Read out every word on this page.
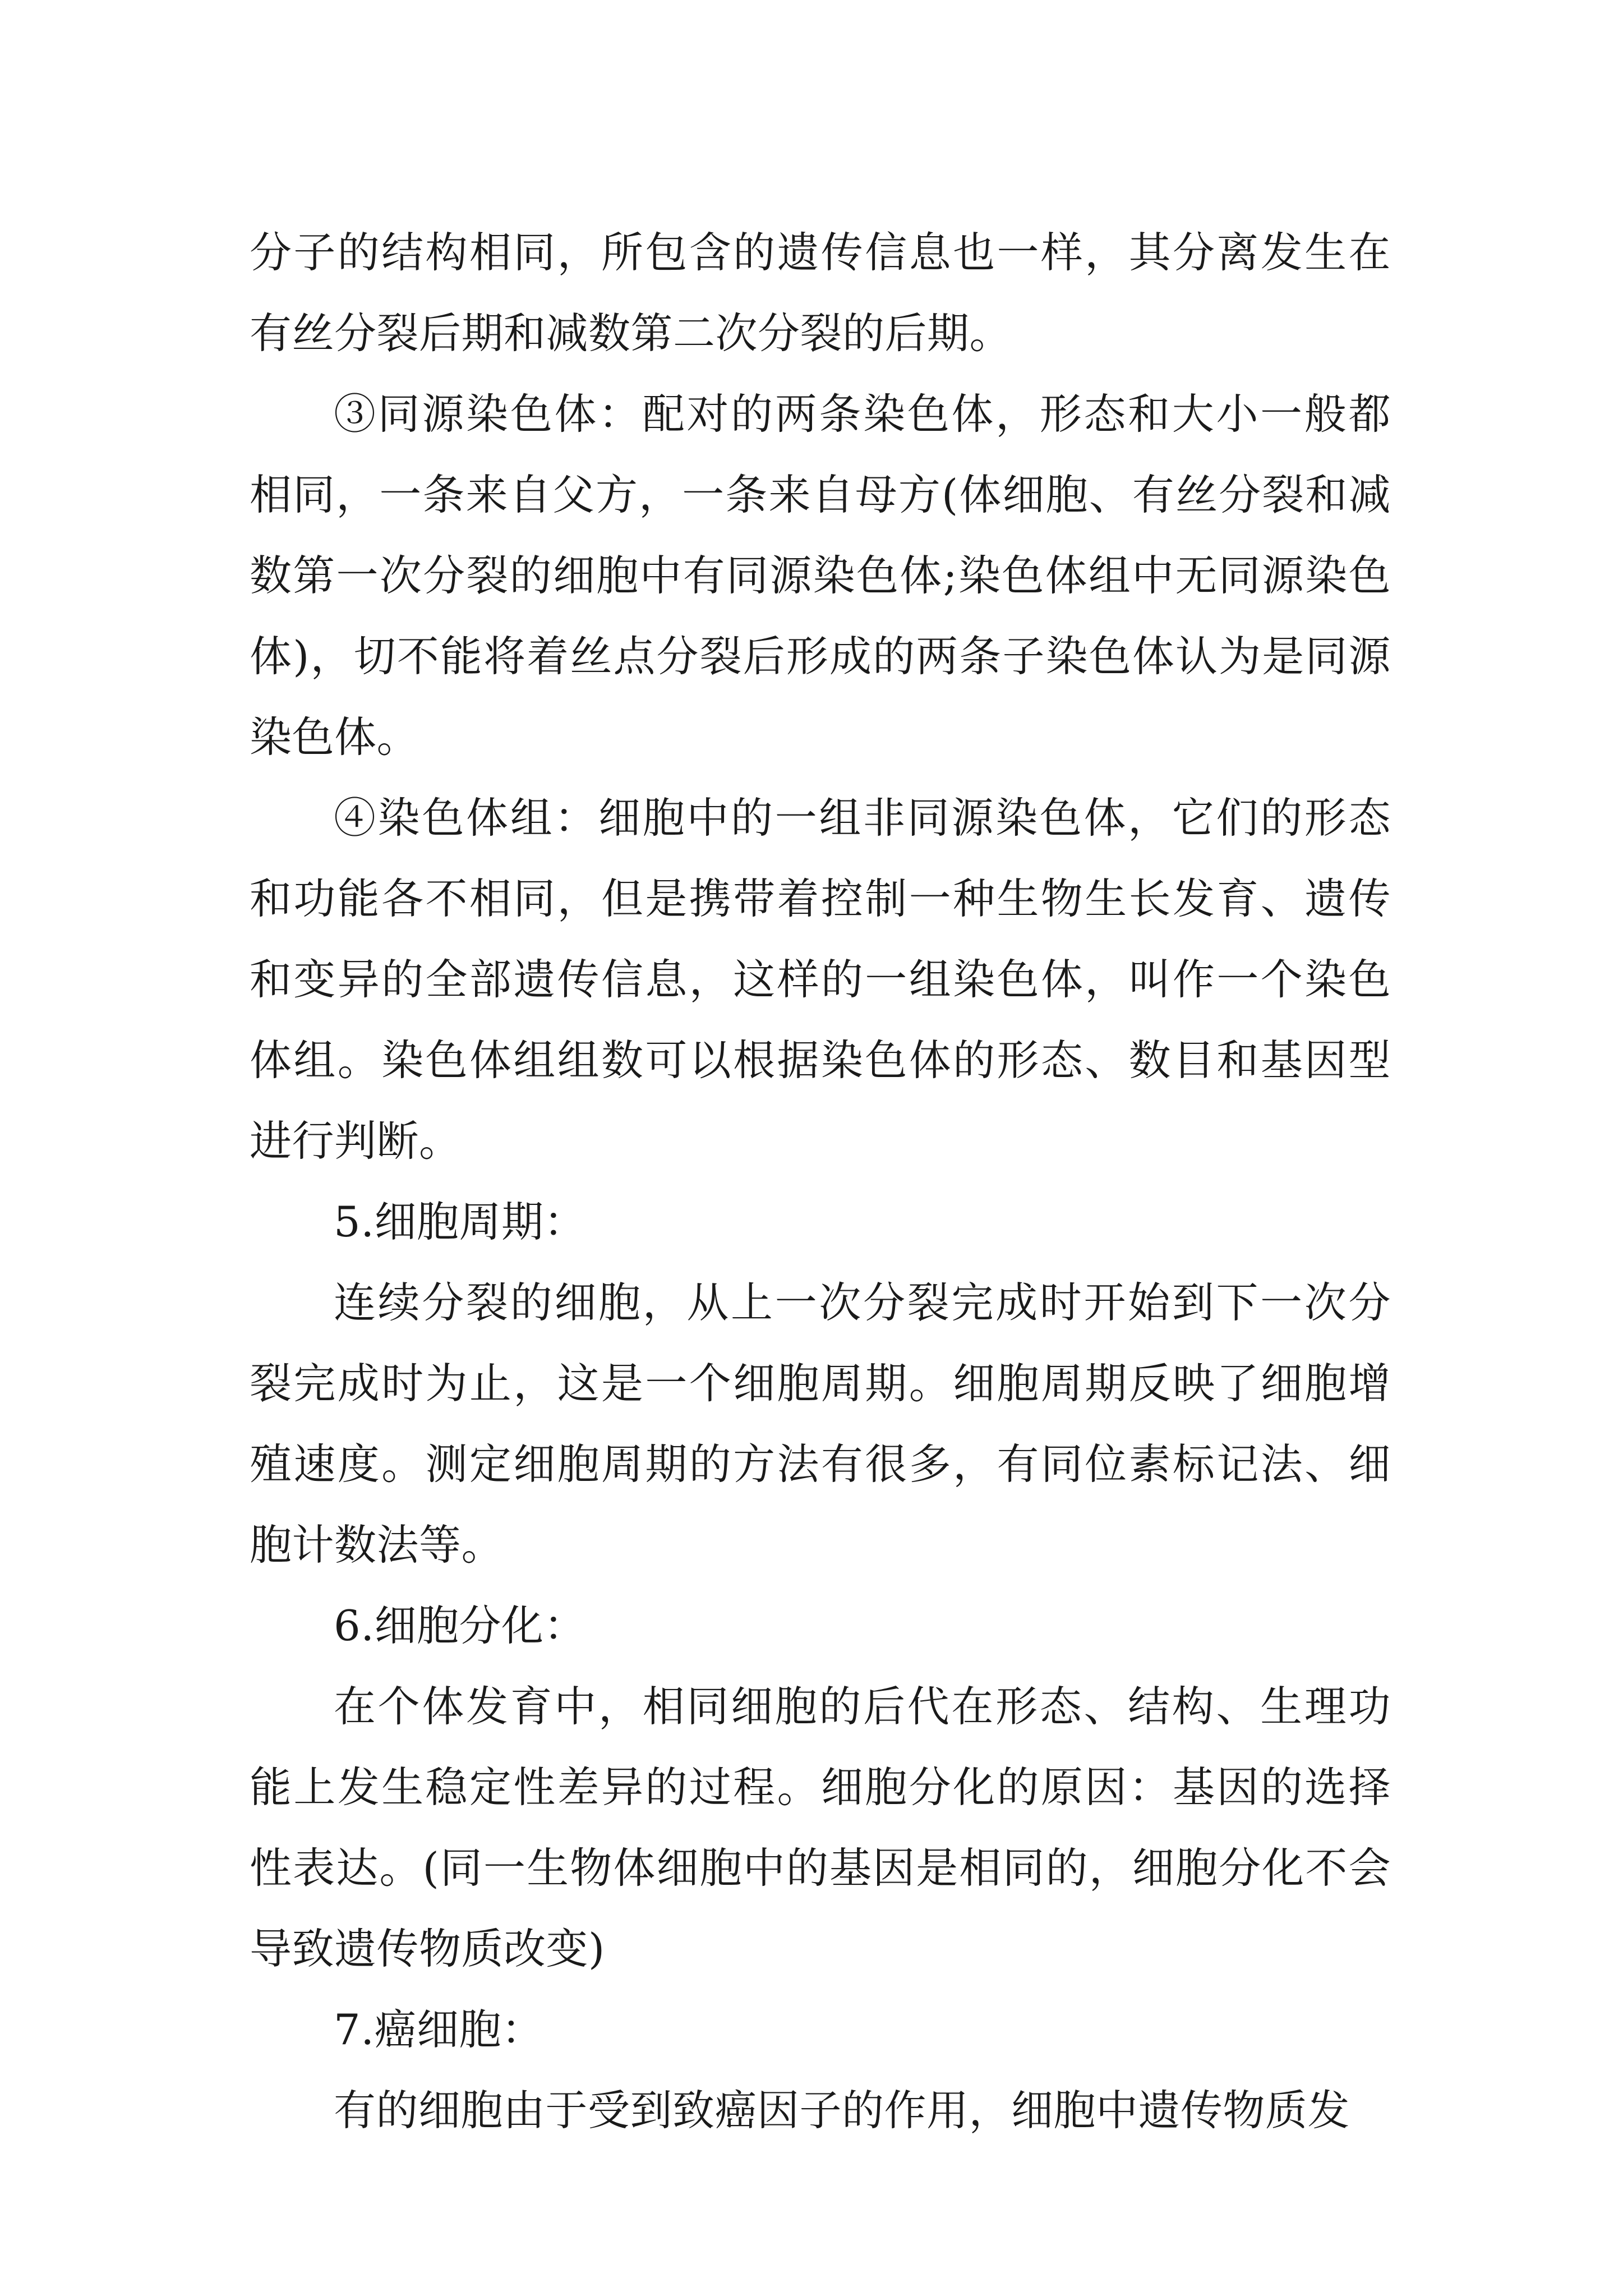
分子的结构相同，所包含的遗传信息也一样，其分离发生在有丝分裂后期和减数第二次分裂的后期。

③同源染色体：配对的两条染色体，形态和大小一般都相同，一条来自父方，一条来自母方(体细胞、有丝分裂和减数第一次分裂的细胞中有同源染色体;染色体组中无同源染色体)，切不能将着丝点分裂后形成的两条子染色体认为是同源染色体。

④染色体组：细胞中的一组非同源染色体，它们的形态和功能各不相同，但是携带着控制一种生物生长发育、遗传和变异的全部遗传信息，这样的一组染色体，叫作一个染色体组。染色体组组数可以根据染色体的形态、数目和基因型进行判断。

5.细胞周期：

连续分裂的细胞，从上一次分裂完成时开始到下一次分裂完成时为止，这是一个细胞周期。细胞周期反映了细胞增殖速度。测定细胞周期的方法有很多，有同位素标记法、细胞计数法等。

6.细胞分化：

在个体发育中，相同细胞的后代在形态、结构、生理功能上发生稳定性差异的过程。细胞分化的原因：基因的选择性表达。(同一生物体细胞中的基因是相同的，细胞分化不会导致遗传物质改变)

7.癌细胞：

有的细胞由于受到致癌因子的作用，细胞中遗传物质发
